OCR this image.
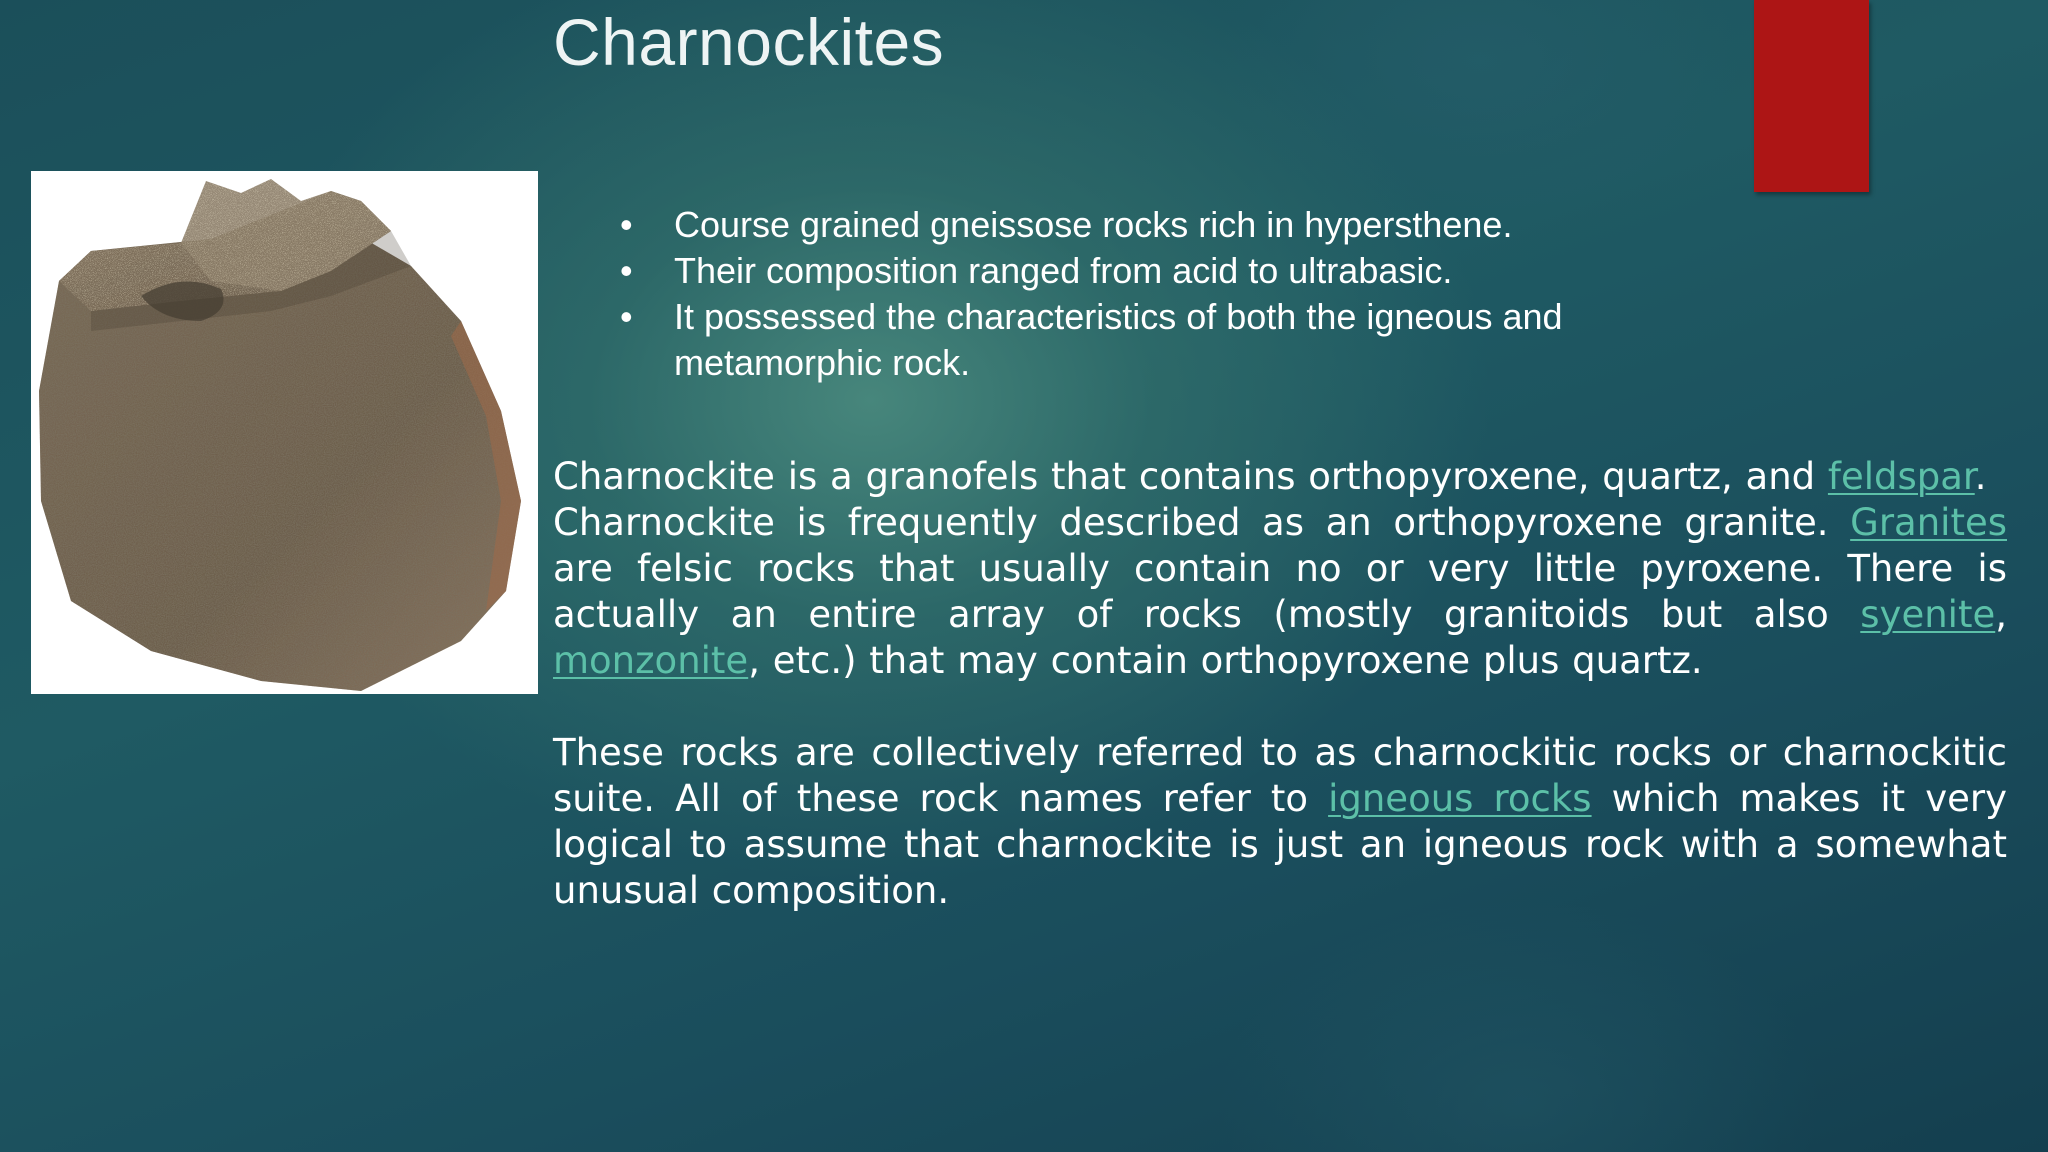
Charnockites
• Course grained gneissose rocks rich in hypersthene.
• Their composition ranged from acid to ultrabasic.
• It possessed the characteristics of both the igneous and metamorphic rock.

Charnockite is a granofels that contains orthopyroxene, quartz, and feldspar.

Charnockite is frequently described as an orthopyroxene granite. Granites are felsic rocks that usually contain no or very little pyroxene. There is actually an entire array of rocks (mostly granitoids but also syenite, monzonite, etc.) that may contain orthopyroxene plus quartz.

These rocks are collectively referred to as charnockitic rocks or charnockitic suite. All of these rock names refer to igneous rocks which makes it very logical to assume that charnockite is just an igneous rock with a somewhat unusual composition.
